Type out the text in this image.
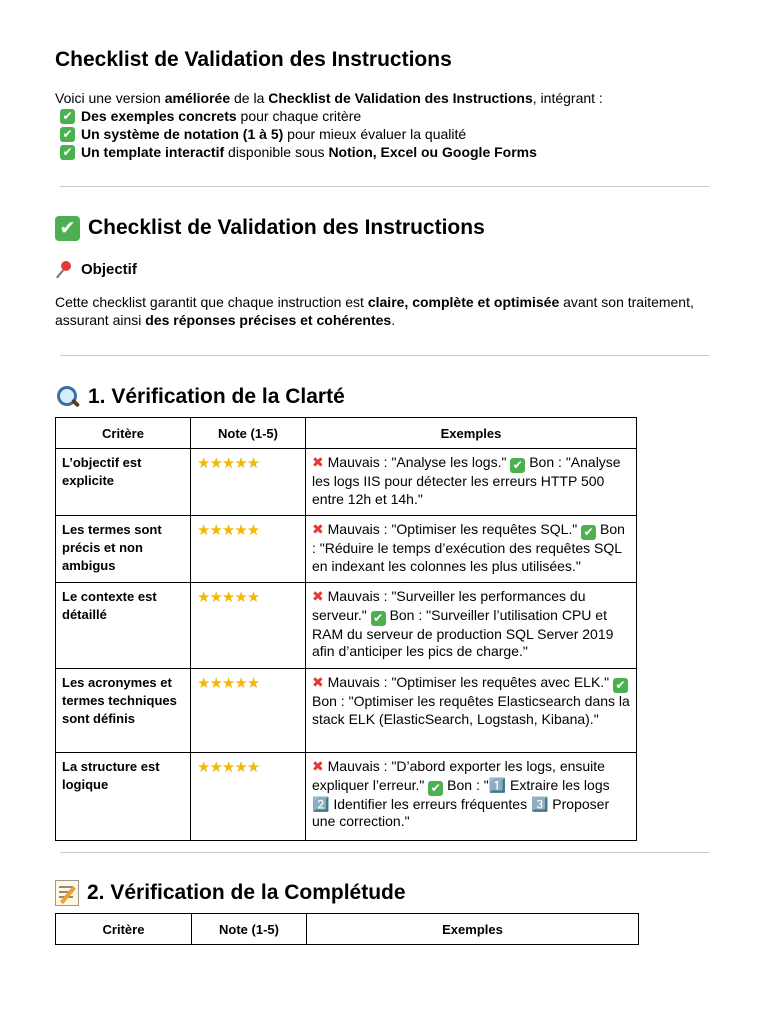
Checklist de Validation des Instructions

Voici une version améliorée de la Checklist de Validation des Instructions, intégrant :

✔ Des exemples concrets pour chaque critère
✔ Un système de notation (1 à 5) pour mieux évaluer la qualité
✔ Un template interactif disponible sous Notion, Excel ou Google Forms
✔ Checklist de Validation des Instructions
Objectif

Cette checklist garantit que chaque instruction est claire, complète et optimisée avant son traitement, assurant ainsi des réponses précises et cohérentes.

1. Vérification de la Clarté
Critère	Note (1-5)	Exemples
L’objectif est explicite	★★★★★	✖ Mauvais : "Analyse les logs." ✔ Bon : "Analyse les logs IIS pour détecter les erreurs HTTP 500 entre 12h et 14h."
Les termes sont précis et non ambigus	★★★★★	✖ Mauvais : "Optimiser les requêtes SQL." ✔ Bon : "Réduire le temps d’exécution des requêtes SQL en indexant les colonnes les plus utilisées."
Le contexte est détaillé	★★★★★	✖ Mauvais : "Surveiller les performances du serveur." ✔ Bon : "Surveiller l’utilisation CPU et RAM du serveur de production SQL Server 2019 afin d’anticiper les pics de charge."
Les acronymes et termes techniques sont définis	★★★★★	✖ Mauvais : "Optimiser les requêtes avec ELK." ✔ Bon : "Optimiser les requêtes Elasticsearch dans la stack ELK (ElasticSearch, Logstash, Kibana)."
La structure est logique	★★★★★	✖ Mauvais : "D’abord exporter les logs, ensuite expliquer l’erreur." ✔ Bon : "1️⃣ Extraire les logs 2️⃣ Identifier les erreurs fréquentes 3️⃣ Proposer une correction."
2. Vérification de la Complétude
Critère	Note (1-5)	Exemples
